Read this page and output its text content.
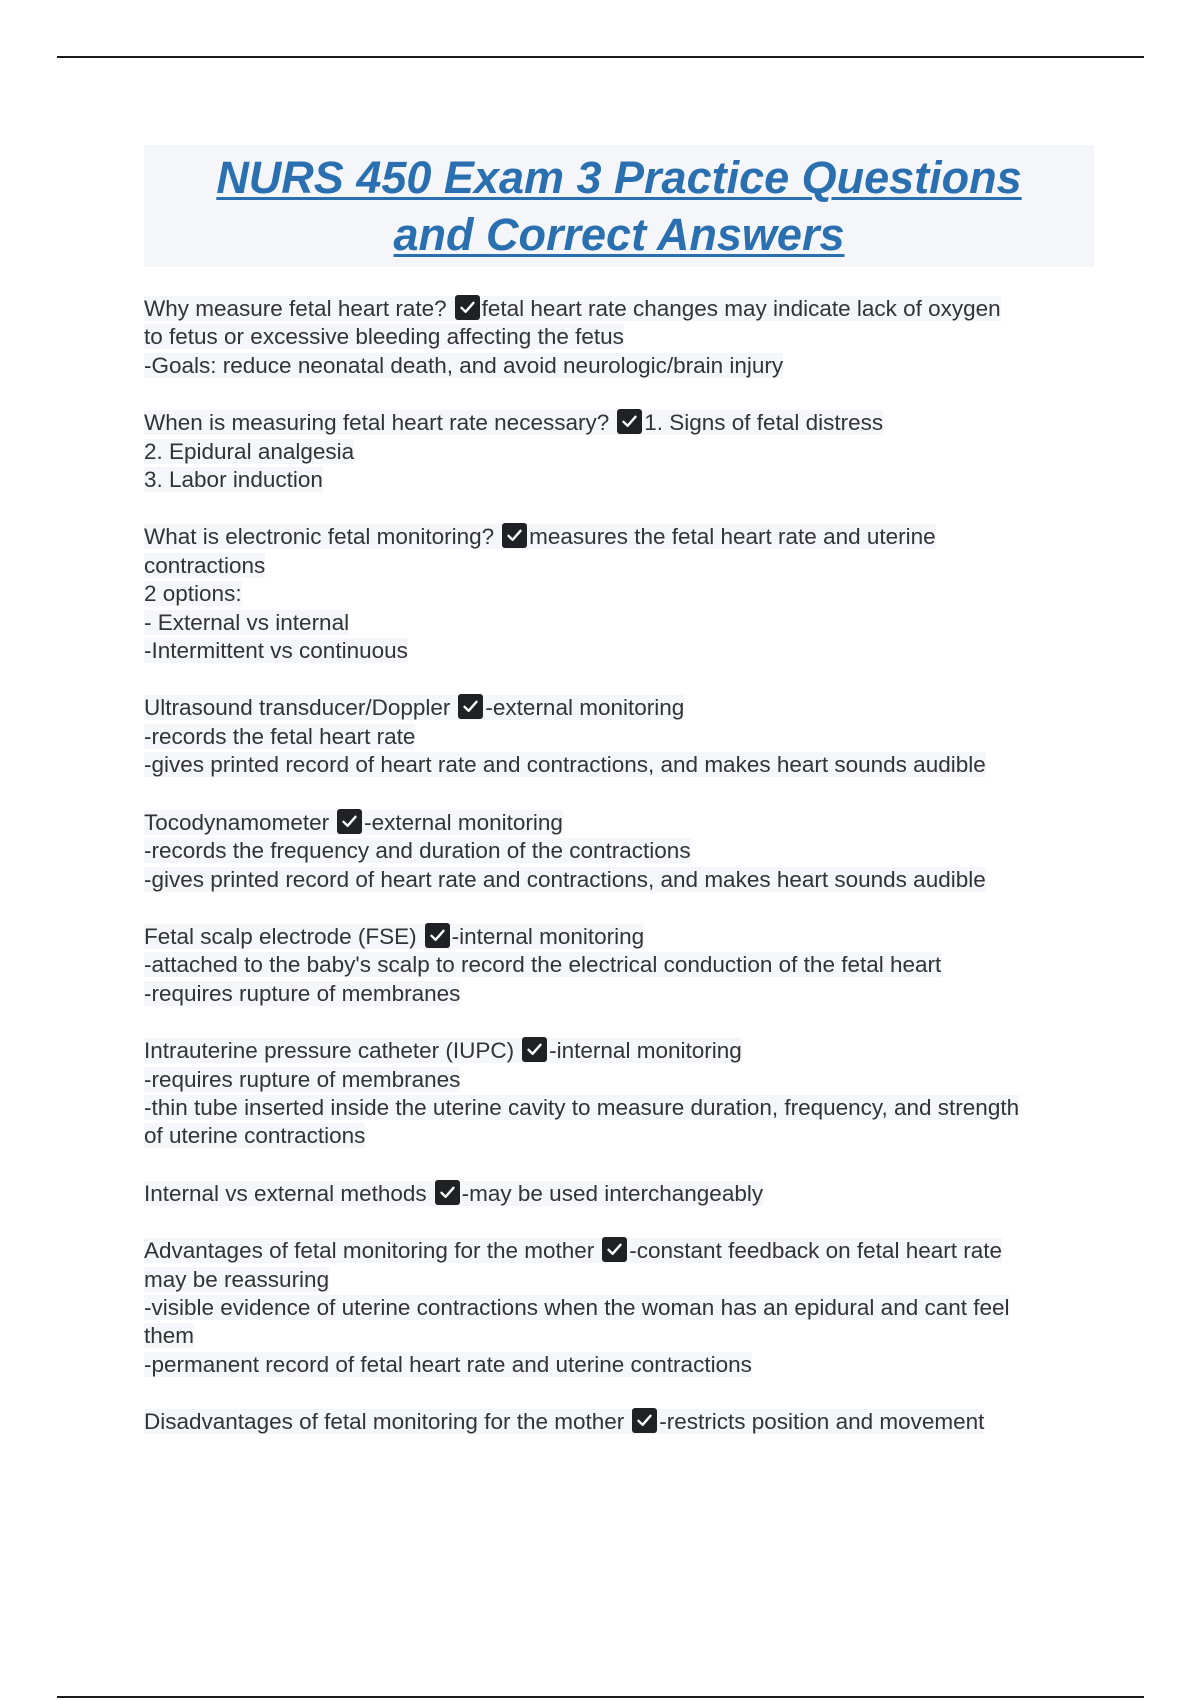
NURS 450 Exam 3 Practice Questions
and Correct Answers
Why measure fetal heart rate? fetal heart rate changes may indicate lack of oxygen
to fetus or excessive bleeding affecting the fetus
-Goals: reduce neonatal death, and avoid neurologic/brain injury
When is measuring fetal heart rate necessary? 1. Signs of fetal distress
2. Epidural analgesia
3. Labor induction
What is electronic fetal monitoring? measures the fetal heart rate and uterine
contractions
2 options:
- External vs internal
-Intermittent vs continuous
Ultrasound transducer/Doppler -external monitoring
-records the fetal heart rate
-gives printed record of heart rate and contractions, and makes heart sounds audible
Tocodynamometer -external monitoring
-records the frequency and duration of the contractions
-gives printed record of heart rate and contractions, and makes heart sounds audible
Fetal scalp electrode (FSE) -internal monitoring
-attached to the baby's scalp to record the electrical conduction of the fetal heart
-requires rupture of membranes
Intrauterine pressure catheter (IUPC) -internal monitoring
-requires rupture of membranes
-thin tube inserted inside the uterine cavity to measure duration, frequency, and strength
of uterine contractions
Internal vs external methods -may be used interchangeably
Advantages of fetal monitoring for the mother -constant feedback on fetal heart rate
may be reassuring
-visible evidence of uterine contractions when the woman has an epidural and cant feel
them
-permanent record of fetal heart rate and uterine contractions
Disadvantages of fetal monitoring for the mother -restricts position and movement
